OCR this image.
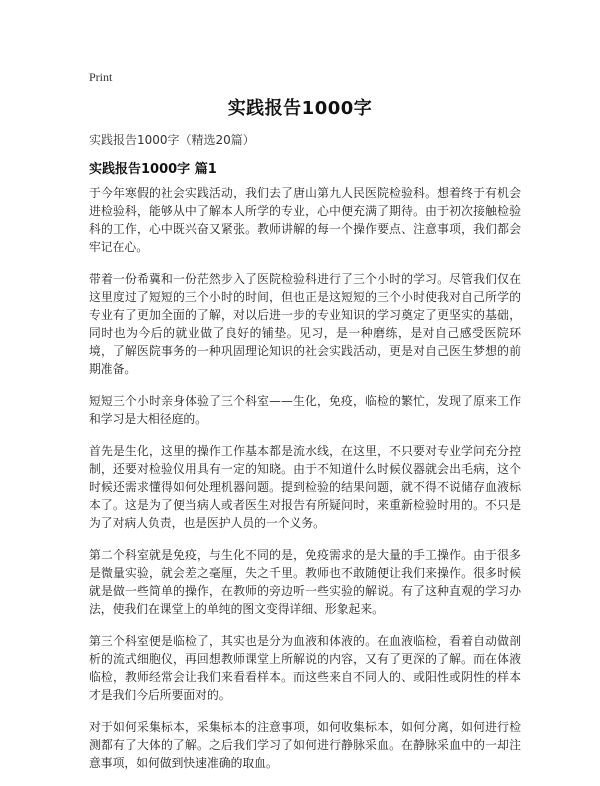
Print
实践报告1000字
实践报告1000字（精选20篇）
实践报告1000字 篇1

于今年寒假的社会实践活动，我们去了唐山第九人民医院检验科。想着终于有机会进检验科，能够从中了解本人所学的专业，心中便充满了期待。由于初次接触检验科的工作，心中既兴奋又紧张。教师讲解的每一个操作要点、注意事项，我们都会牢记在心。

带着一份希冀和一份茫然步入了医院检验科进行了三个小时的学习。尽管我们仅在这里度过了短短的三个小时的时间，但也正是这短短的三个小时使我对自己所学的专业有了更加全面的了解，对以后进一步的专业知识的学习奠定了更坚实的基础，同时也为今后的就业做了良好的铺垫。见习，是一种磨练，是对自己感受医院环境，了解医院事务的一种巩固理论知识的社会实践活动，更是对自己医生梦想的前期准备。

短短三个小时亲身体验了三个科室——生化，免疫，临检的繁忙，发现了原来工作和学习是大相径庭的。

首先是生化，这里的操作工作基本都是流水线，在这里，不只要对专业学问充分控制，还要对检验仪用具有一定的知晓。由于不知道什么时候仪器就会出毛病，这个时候还需求懂得如何处理机器问题。提到检验的结果问题，就不得不说储存血液标本了。这是为了便当病人或者医生对报告有所疑问时，来重新检验时用的。不只是为了对病人负责，也是医护人员的一个义务。

第二个科室就是免疫，与生化不同的是，免疫需求的是大量的手工操作。由于很多是微量实验，就会差之毫厘，失之千里。教师也不敢随便让我们来操作。很多时候就是做一些简单的操作，在教师的旁边听一些实验的解说。有了这种直观的学习办法，使我们在课堂上的单纯的图文变得详细、形象起来。

第三个科室便是临检了，其实也是分为血液和体液的。在血液临检，看着自动做剖析的流式细胞仪，再回想教师课堂上所解说的内容，又有了更深的了解。而在体液临检，教师经常会让我们来看看样本。而这些来自不同人的、或阳性或阴性的样本才是我们今后所要面对的。

对于如何采集标本，采集标本的注意事项，如何收集标本，如何分离，如何进行检测都有了大体的了解。之后我们学习了如何进行静脉采血。在静脉采血中的一却注意事项，如何做到快速准确的取血。
